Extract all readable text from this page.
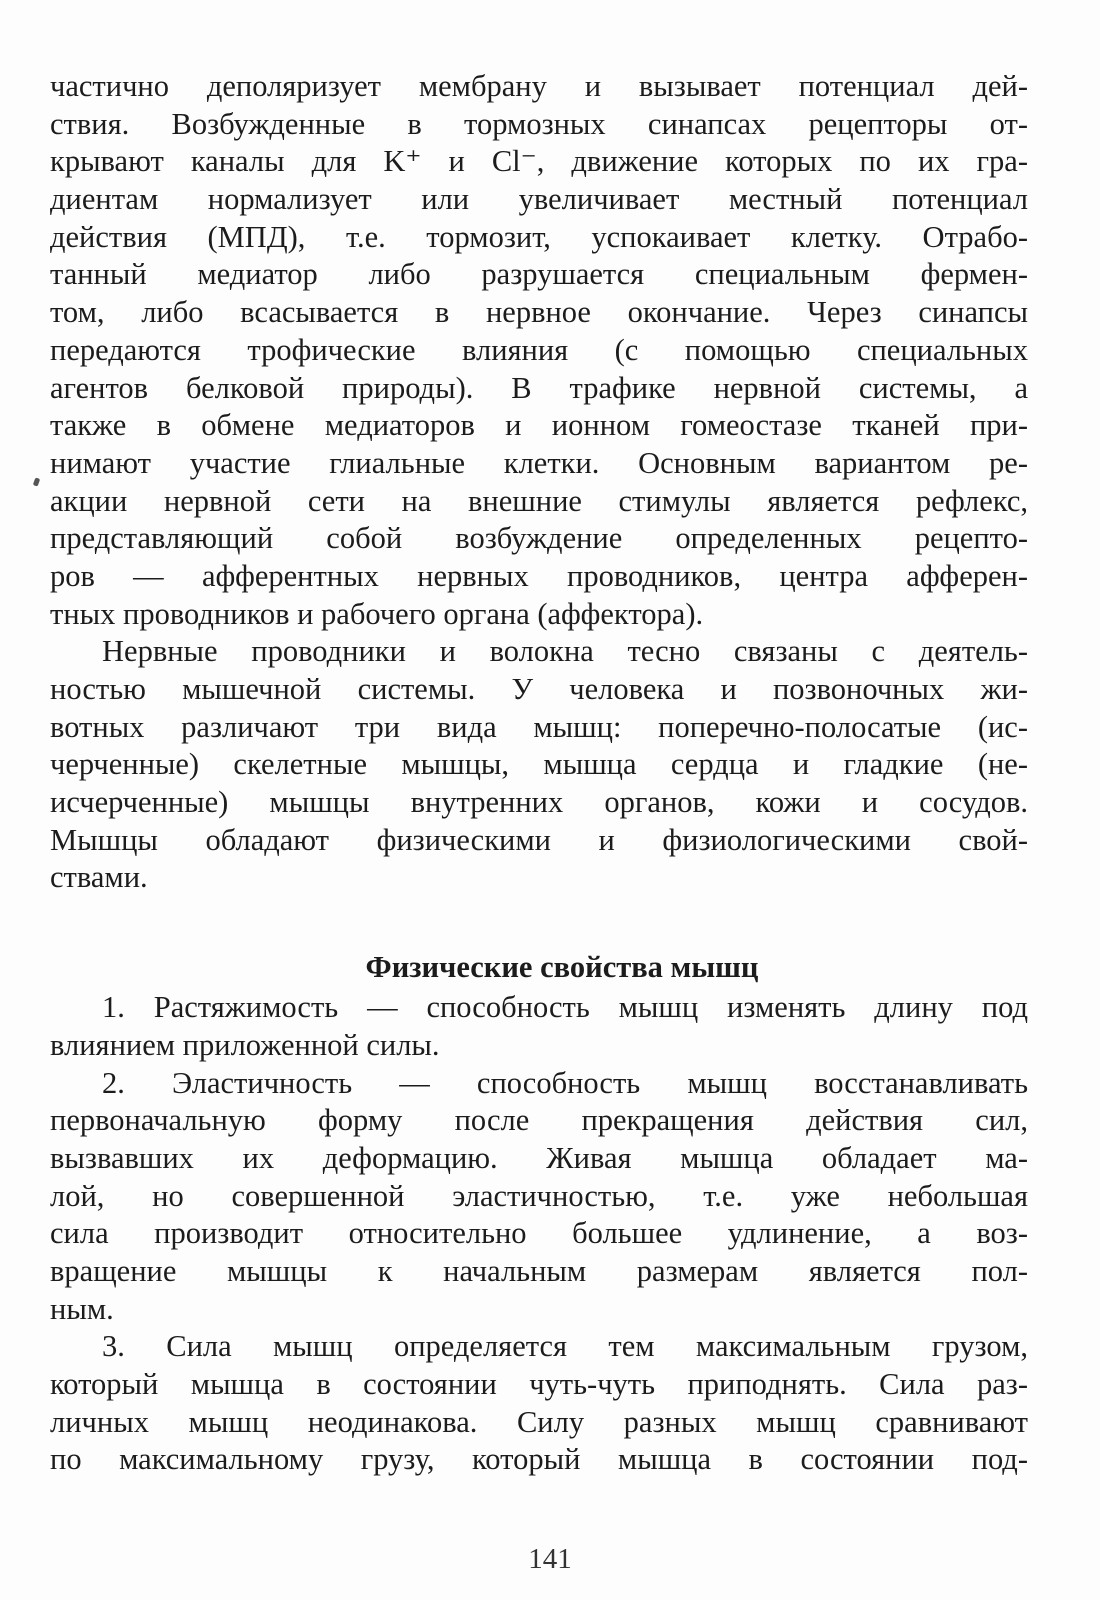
частично деполяризует мембрану и вызывает потенциал дей-
ствия. Возбужденные в тормозных синапсах рецепторы от-
крывают каналы для K⁺ и Cl⁻, движение которых по их гра-
диентам нормализует или увеличивает местный потенциал
действия (МПД), т.е. тормозит, успокаивает клетку. Отрабо-
танный медиатор либо разрушается специальным фермен-
том, либо всасывается в нервное окончание. Через синапсы
передаются трофические влияния (с помощью специальных
агентов белковой природы). В трафике нервной системы, а
также в обмене медиаторов и ионном гомеостазе тканей при-
нимают участие глиальные клетки. Основным вариантом ре-
акции нервной сети на внешние стимулы является рефлекс,
представляющий собой возбуждение определенных рецепто-
ров — афферентных нервных проводников, центра афферен-
тных проводников и рабочего органа (аффектора).
Нервные проводники и волокна тесно связаны с деятель-
ностью мышечной системы. У человека и позвоночных жи-
вотных различают три вида мышц: поперечно-полосатые (ис-
черченные) скелетные мышцы, мышца сердца и гладкие (не-
исчерченные) мышцы внутренних органов, кожи и сосудов.
Мышцы обладают физическими и физиологическими свой-
ствами.
Физические свойства мышц
1. Растяжимость — способность мышц изменять длину под
влиянием приложенной силы.
2. Эластичность — способность мышц восстанавливать
первоначальную форму после прекращения действия сил,
вызвавших их деформацию. Живая мышца обладает ма-
лой, но совершенной эластичностью, т.е. уже небольшая
сила производит относительно большее удлинение, а воз-
вращение мышцы к начальным размерам является пол-
ным.
3. Сила мышц определяется тем максимальным грузом,
который мышца в состоянии чуть-чуть приподнять. Сила раз-
личных мышц неодинакова. Силу разных мышц сравнивают
по максимальному грузу, который мышца в состоянии под-
141
